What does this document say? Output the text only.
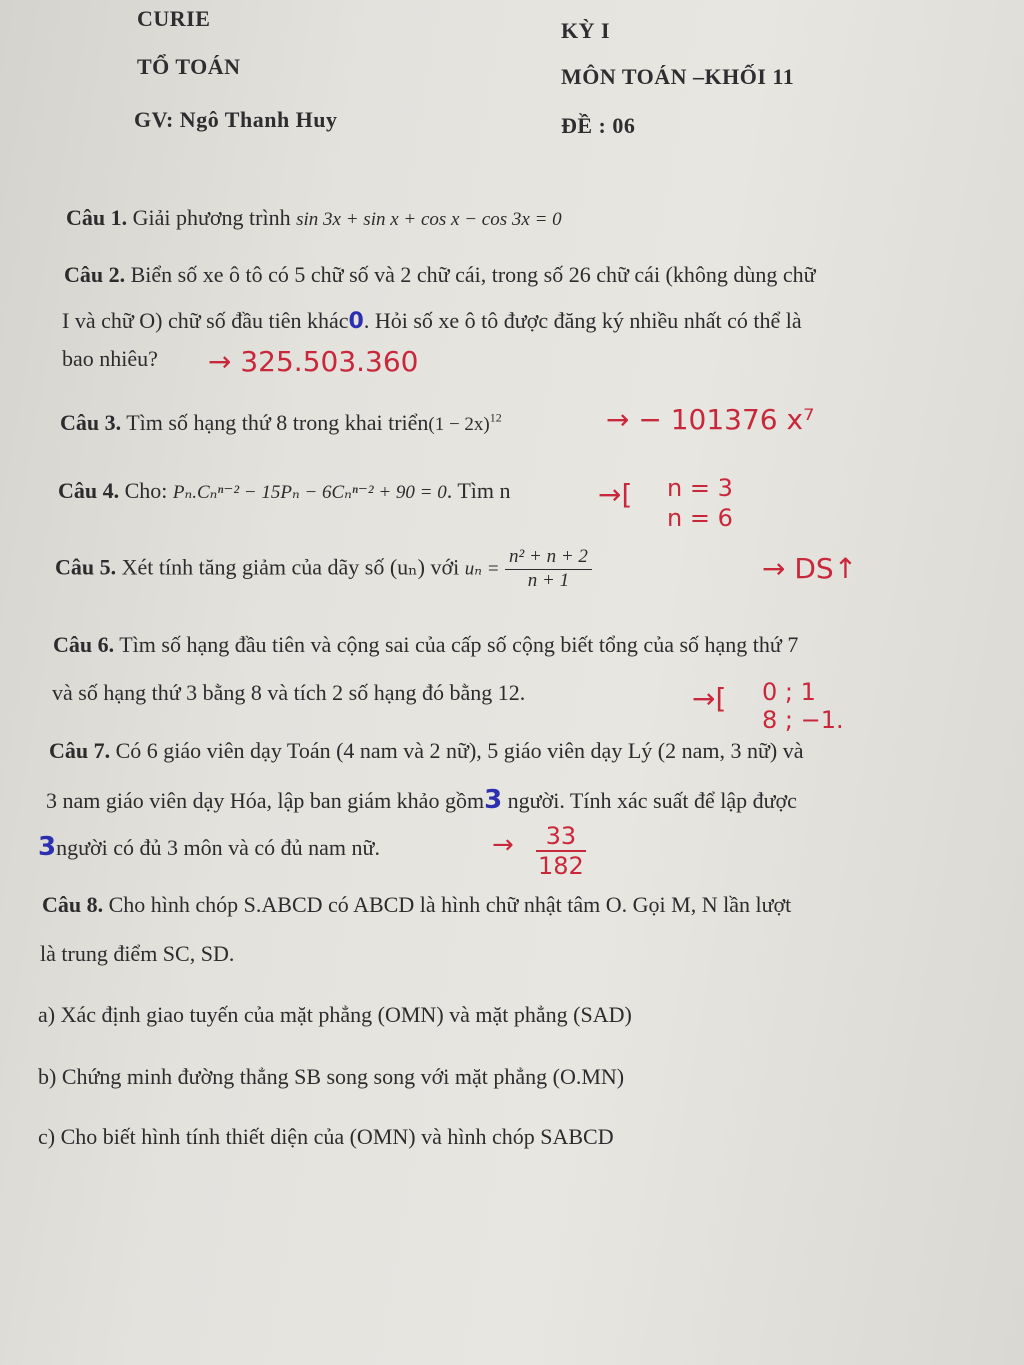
CURIE
TỔ TOÁN
GV: Ngô Thanh Huy
KỲ I
MÔN TOÁN –KHỐI 11
ĐỀ : 06
Câu 1. Giải phương trình sin 3x + sin x + cos x − cos 3x = 0
Câu 2. Biển số xe ô tô có 5 chữ số và 2 chữ cái, trong số 26 chữ cái (không dùng chữ
I và chữ O) chữ số đầu tiên khác0. Hỏi số xe ô tô được đăng ký nhiều nhất có thể là
bao nhiêu? → 325.503.360
Câu 3. Tìm số hạng thứ 8 trong khai triển(1 − 2x)$^{12}$	→ − 101376 x⁷
Câu 4. Cho: Pₙ.Cₙⁿ⁻² − 15Pₙ − 6Cₙⁿ⁻² + 90 = 0. Tìm n	→[ n = 3
n = 6
Câu 5. Xét tính tăng giảm của dãy số (uₙ) với $u_n = \frac{\text{n² + n + 2}}{n + 1}$	→ DS↑
Câu 6. Tìm số hạng đầu tiên và cộng sai của cấp số cộng biết tổng của số hạng thứ 7
và số hạng thứ 3 bằng 8 và tích 2 số hạng đó bằng 12.	→[ 0 ; 1
8 ; −1.
Câu 7. Có 6 giáo viên dạy Toán (4 nam và 2 nữ), 5 giáo viên dạy Lý (2 nam, 3 nữ) và
3 nam giáo viên dạy Hóa, lập ban giám khảo gồm3 người. Tính xác suất để lập được
3người có đủ 3 môn và có đủ nam nữ.	→ $\frac{33}{182}$
Câu 8. Cho hình chóp S.ABCD có ABCD là hình chữ nhật tâm O. Gọi M, N lần lượt
là trung điểm SC, SD.
a) Xác định giao tuyến của mặt phẳng (OMN) và mặt phẳng (SAD)
b) Chứng minh đường thẳng SB song song với mặt phẳng (O.MN)
c) Cho biết hình tính thiết diện của (OMN) và hình chóp SABCD
